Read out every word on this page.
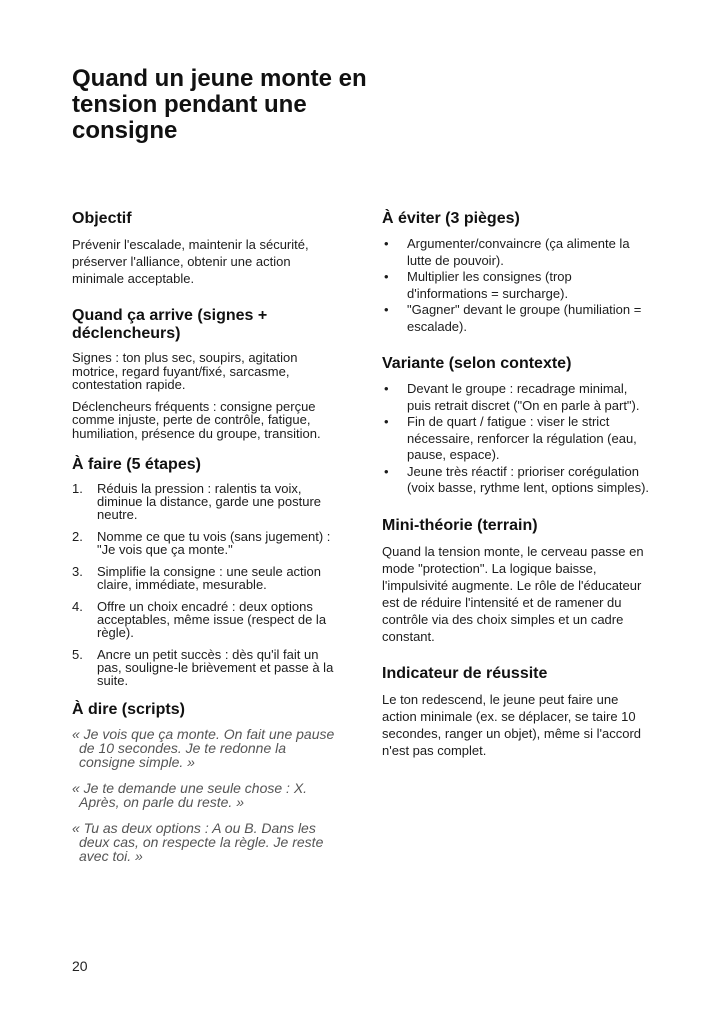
Quand un jeune monte en tension pendant une consigne
Objectif

Prévenir l'escalade, maintenir la sécurité, préserver l'alliance, obtenir une action minimale acceptable.

Quand ça arrive (signes + déclencheurs)

Signes : ton plus sec, soupirs, agitation motrice, regard fuyant/fixé, sarcasme, contestation rapide.

Déclencheurs fréquents : consigne perçue comme injuste, perte de contrôle, fatigue, humiliation, présence du groupe, transition.

À faire (5 étapes)
1. Réduis la pression : ralentis ta voix, diminue la distance, garde une posture neutre.
2. Nomme ce que tu vois (sans jugement) : "Je vois que ça monte."
3. Simplifie la consigne : une seule action claire, immédiate, mesurable.
4. Offre un choix encadré : deux options acceptables, même issue (respect de la règle).
5. Ancre un petit succès : dès qu'il fait un pas, souligne-le brièvement et passe à la suite.
À dire (scripts)

« Je vois que ça monte. On fait une pause de 10 secondes. Je te redonne la consigne simple. »

« Je te demande une seule chose : X. Après, on parle du reste. »

« Tu as deux options : A ou B. Dans les deux cas, on respecte la règle. Je reste avec toi. »

À éviter (3 pièges)
• Argumenter/convaincre (ça alimente la lutte de pouvoir).
• Multiplier les consignes (trop d'informations = surcharge).
• "Gagner" devant le groupe (humiliation = escalade).
Variante (selon contexte)
• Devant le groupe : recadrage minimal, puis retrait discret ("On en parle à part").
• Fin de quart / fatigue : viser le strict nécessaire, renforcer la régulation (eau, pause, espace).
• Jeune très réactif : prioriser corégulation (voix basse, rythme lent, options simples).
Mini-théorie (terrain)

Quand la tension monte, le cerveau passe en mode "protection". La logique baisse, l'impulsivité augmente. Le rôle de l'éducateur est de réduire l'intensité et de ramener du contrôle via des choix simples et un cadre constant.

Indicateur de réussite

Le ton redescend, le jeune peut faire une action minimale (ex. se déplacer, se taire 10 secondes, ranger un objet), même si l'accord n'est pas complet.

20
